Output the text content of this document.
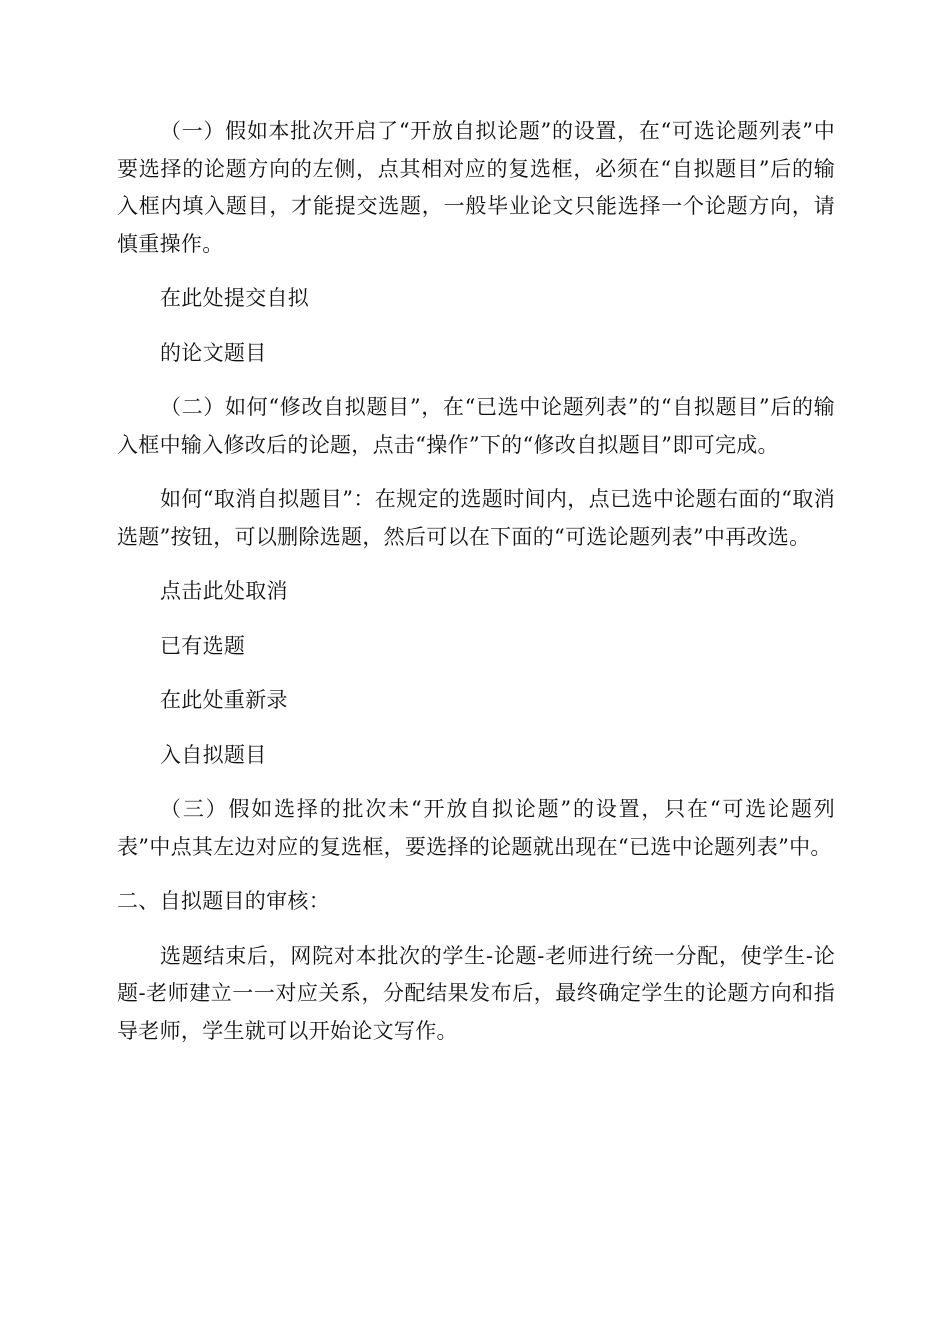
（一）假如本批次开启了“开放自拟论题”的设置，在“可选论题列表”中要选择的论题方向的左侧，点其相对应的复选框，必须在“自拟题目”后的输入框内填入题目，才能提交选题，一般毕业论文只能选择一个论题方向，请慎重操作。

在此处提交自拟

的论文题目

（二）如何“修改自拟题目”，在“已选中论题列表”的“自拟题目”后的输入框中输入修改后的论题，点击“操作”下的“修改自拟题目”即可完成。

如何“取消自拟题目”：在规定的选题时间内，点已选中论题右面的“取消选题”按钮，可以删除选题，然后可以在下面的“可选论题列表”中再改选。

点击此处取消

已有选题

在此处重新录

入自拟题目

（三）假如选择的批次未“开放自拟论题”的设置，只在“可选论题列表”中点其左边对应的复选框，要选择的论题就出现在“已选中论题列表”中。

二、自拟题目的审核：

选题结束后，网院对本批次的学生-论题-老师进行统一分配，使学生-论题-老师建立一一对应关系，分配结果发布后，最终确定学生的论题方向和指导老师，学生就可以开始论文写作。
